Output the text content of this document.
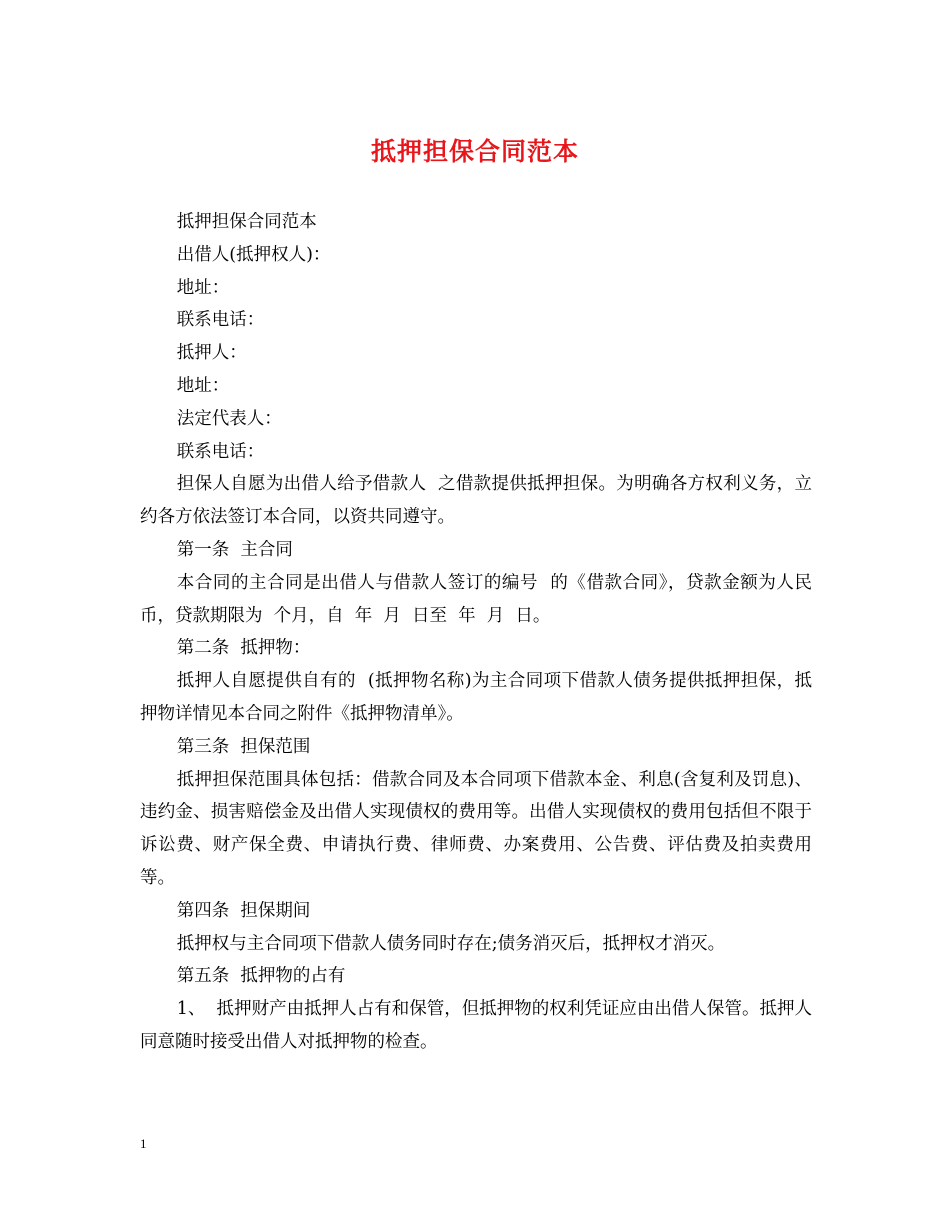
抵押担保合同范本

抵押担保合同范本

出借人(抵押权人)：

地址：

联系电话：

抵押人：

地址：

法定代表人：

联系电话：

担保人自愿为出借人给予借款人  之借款提供抵押担保。为明确各方权利义务，立约各方依法签订本合同，以资共同遵守。

第一条  主合同

本合同的主合同是出借人与借款人签订的编号  的《借款合同》，贷款金额为人民币，贷款期限为  个月，自  年  月  日至  年  月  日。

第二条  抵押物：

抵押人自愿提供自有的  (抵押物名称)为主合同项下借款人债务提供抵押担保，抵押物详情见本合同之附件《抵押物清单》。

第三条  担保范围

抵押担保范围具体包括：借款合同及本合同项下借款本金、利息(含复利及罚息)、违约金、损害赔偿金及出借人实现债权的费用等。出借人实现债权的费用包括但不限于诉讼费、财产保全费、申请执行费、律师费、办案费用、公告费、评估费及拍卖费用等。

第四条  担保期间

抵押权与主合同项下借款人债务同时存在;债务消灭后，抵押权才消灭。

第五条  抵押物的占有

1、  抵押财产由抵押人占有和保管，但抵押物的权利凭证应由出借人保管。抵押人同意随时接受出借人对抵押物的检查。

1
